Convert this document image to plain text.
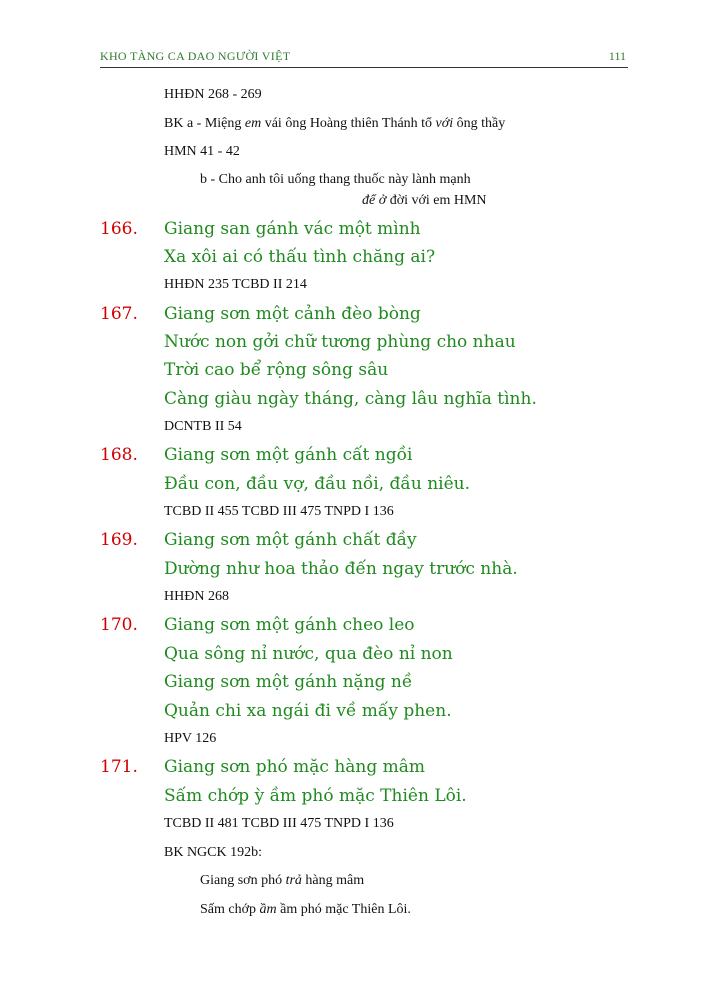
KHO TÀNG CA DAO NGƯỜI VIỆT	111
HHĐN 268 - 269
BK a - Miệng em vái ông Hoàng thiên Thánh tổ với ông thầy
HMN 41 - 42
b - Cho anh tôi uống thang thuốc này lành mạnh
để ở đời với em HMN
166. Giang san gánh vác một mình
Xa xôi ai có thấu tình chăng ai?
HHĐN 235 TCBD II 214
167. Giang sơn một cảnh đèo bòng
Nước non gởi chữ tương phùng cho nhau
Trời cao bể rộng sông sâu
Càng giàu ngày tháng, càng lâu nghĩa tình.
DCNTB II 54
168. Giang sơn một gánh cất ngồi
Đầu con, đầu vợ, đầu nồi, đầu niêu.
TCBD II 455 TCBD III 475 TNPD I 136
169. Giang sơn một gánh chất đầy
Dường như hoa thảo đến ngay trước nhà.
HHĐN 268
170. Giang sơn một gánh cheo leo
Qua sông nỉ nước, qua đèo nỉ non
Giang sơn một gánh nặng nề
Quản chi xa ngái đi về mấy phen.
HPV 126
171. Giang sơn phó mặc hàng mâm
Sấm chớp ỳ ầm phó mặc Thiên Lôi.
TCBD II 481 TCBD III 475 TNPD I 136
BK NGCK 192b:
Giang sơn phó trả hàng mâm
Sấm chớp ầm ầm phó mặc Thiên Lôi.
